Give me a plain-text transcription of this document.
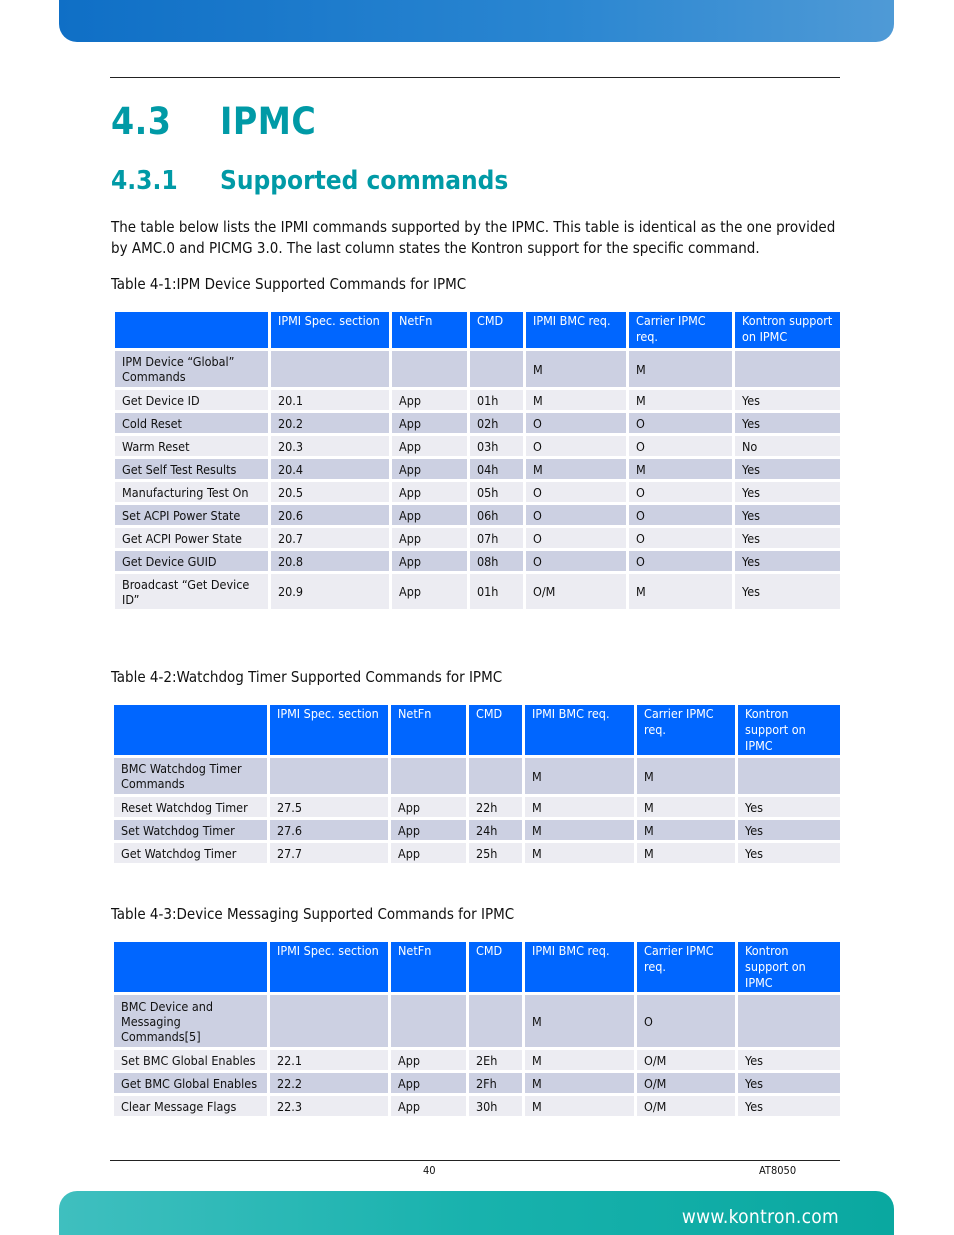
4.3 IPMC
4.3.1 Supported commands

The table below lists the IPMI commands supported by the IPMC. This table is identical as the one provided by AMC.0 and PICMG 3.0. The last column states the Kontron support for the specific command.

Table 4-1:IPM Device Supported Commands for IPMC

	IPMI Spec. section	NetFn	CMD	IPMI BMC req.	Carrier IPMC req.	Kontron support on IPMC
IPM Device “Global” Commands				M	M	
Get Device ID	20.1	App	01h	M	M	Yes
Cold Reset	20.2	App	02h	O	O	Yes
Warm Reset	20.3	App	03h	O	O	No
Get Self Test Results	20.4	App	04h	M	M	Yes
Manufacturing Test On	20.5	App	05h	O	O	Yes
Set ACPI Power State	20.6	App	06h	O	O	Yes
Get ACPI Power State	20.7	App	07h	O	O	Yes
Get Device GUID	20.8	App	08h	O	O	Yes
Broadcast “Get Device ID”	20.9	App	01h	O/M	M	Yes

Table 4-2:Watchdog Timer Supported Commands for IPMC

	IPMI Spec. section	NetFn	CMD	IPMI BMC req.	Carrier IPMC req.	Kontron support on IPMC
BMC Watchdog Timer Commands				M	M	
Reset Watchdog Timer	27.5	App	22h	M	M	Yes
Set Watchdog Timer	27.6	App	24h	M	M	Yes
Get Watchdog Timer	27.7	App	25h	M	M	Yes

Table 4-3:Device Messaging Supported Commands for IPMC

	IPMI Spec. section	NetFn	CMD	IPMI BMC req.	Carrier IPMC req.	Kontron support on IPMC
BMC Device and Messaging Commands[5]				M	O	
Set BMC Global Enables	22.1	App	2Eh	M	O/M	Yes
Get BMC Global Enables	22.2	App	2Fh	M	O/M	Yes
Clear Message Flags	22.3	App	30h	M	O/M	Yes
40	AT8050
www.kontron.com
